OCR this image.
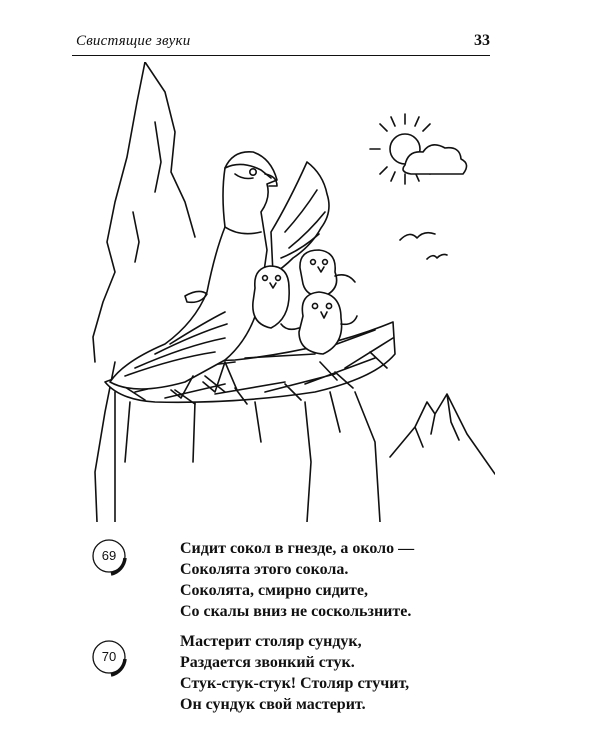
Свистящие звуки	33
69	Сидит сокол в гнезде, а около —
Соколята этого сокола.
Соколята, смирно сидите,
Со скалы вниз не соскользните.
70
Мастерит столяр сундук,
Раздается звонкий стук.
Стук-стук-стук! Столяр стучит,
Он сундук свой мастерит.
